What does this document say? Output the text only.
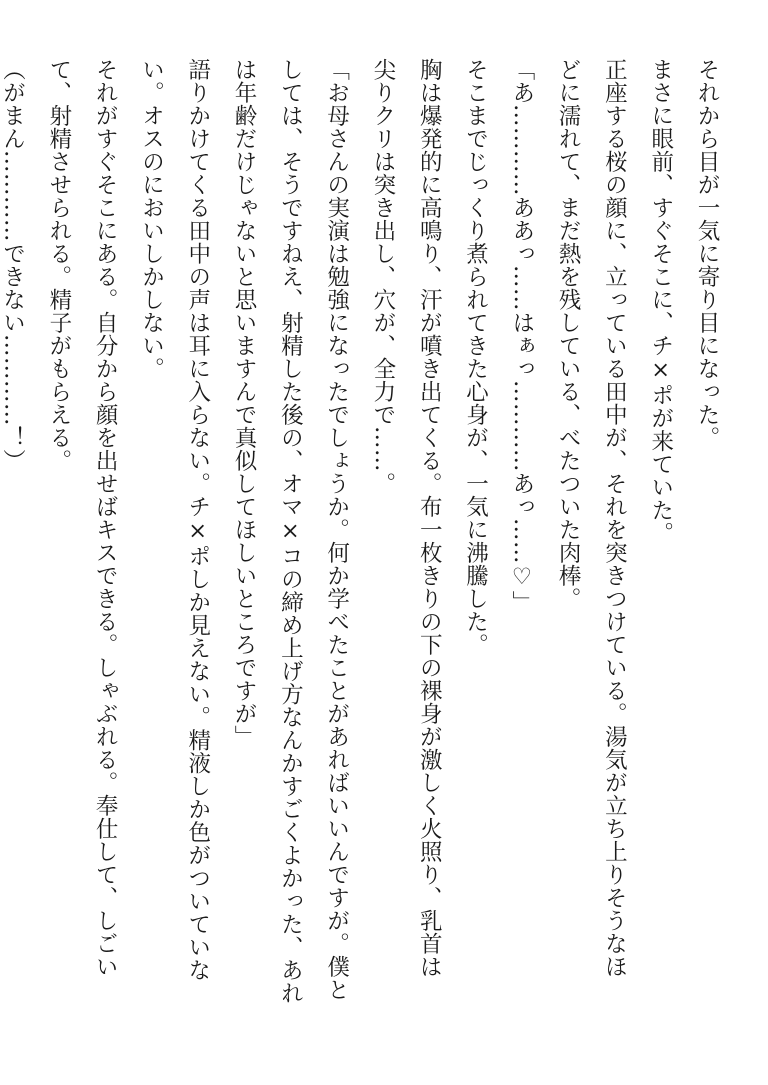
それから目が一気に寄り目になった。
まさに眼前、すぐそこに、チ×ポが来ていた。
正座する桜の顔に、立っている田中が、それを突きつけている。湯気が立ち上りそうなほ
どに濡れて、まだ熱を残している、べたついた肉棒。
「あ…………ああっ……はぁっ…………あっ……♡」
そこまでじっくり煮られてきた心身が、一気に沸騰した。
胸は爆発的に高鳴り、汗が噴き出てくる。布一枚きりの下の裸身が激しく火照り、乳首は
尖りクリは突き出し、穴が、全力で……。
「お母さんの実演は勉強になったでしょうか。何か学べたことがあればいいんですが。僕と
しては、そうですねえ、射精した後の、オマ×コの締め上げ方なんかすごくよかった、あれ
は年齢だけじゃないと思いますんで真似してほしいところですが」
語りかけてくる田中の声は耳に入らない。チ×ポしか見えない。精液しか色がついていな
い。オスのにおいしかしない。
それがすぐそこにある。自分から顔を出せばキスできる。しゃぶれる。奉仕して、しごい
て、射精させられる。精子がもらえる。
（がまん…………できない…………！）
